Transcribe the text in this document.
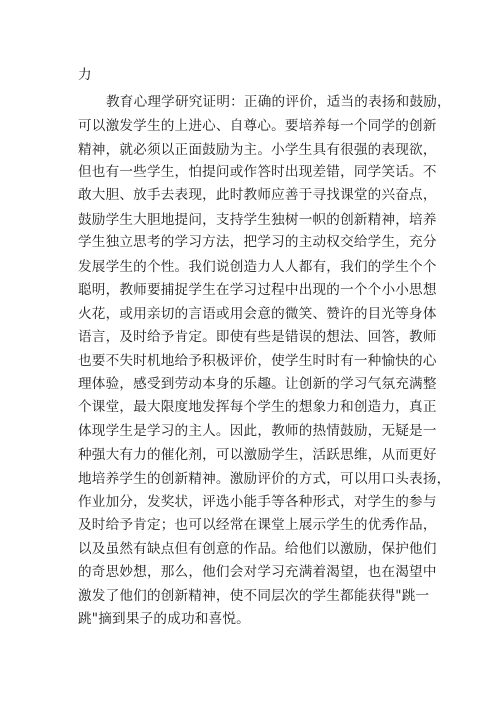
力
教育心理学研究证明：正确的评价，适当的表扬和鼓励，
可以激发学生的上进心、自尊心。要培养每一个同学的创新
精神，就必须以正面鼓励为主。小学生具有很强的表现欲，
但也有一些学生，怕提问或作答时出现差错，同学笑话。不
敢大胆、放手去表现，此时教师应善于寻找课堂的兴奋点，
鼓励学生大胆地提问，支持学生独树一帜的创新精神，培养
学生独立思考的学习方法，把学习的主动权交给学生，充分
发展学生的个性。我们说创造力人人都有，我们的学生个个
聪明，教师要捕捉学生在学习过程中出现的一个个小小思想
火花，或用亲切的言语或用会意的微笑、赞许的目光等身体
语言，及时给予肯定。即使有些是错误的想法、回答，教师
也要不失时机地给予积极评价，使学生时时有一种愉快的心
理体验，感受到劳动本身的乐趣。让创新的学习气氛充满整
个课堂，最大限度地发挥每个学生的想象力和创造力，真正
体现学生是学习的主人。因此，教师的热情鼓励，无疑是一
种强大有力的催化剂，可以激励学生，活跃思维，从而更好
地培养学生的创新精神。激励评价的方式，可以用口头表扬，
作业加分，发奖状，评选小能手等各种形式，对学生的参与
及时给予肯定；也可以经常在课堂上展示学生的优秀作品，
以及虽然有缺点但有创意的作品。给他们以激励，保护他们
的奇思妙想，那么，他们会对学习充满着渴望，也在渴望中
激发了他们的创新精神，使不同层次的学生都能获得"跳一
跳"摘到果子的成功和喜悦。
